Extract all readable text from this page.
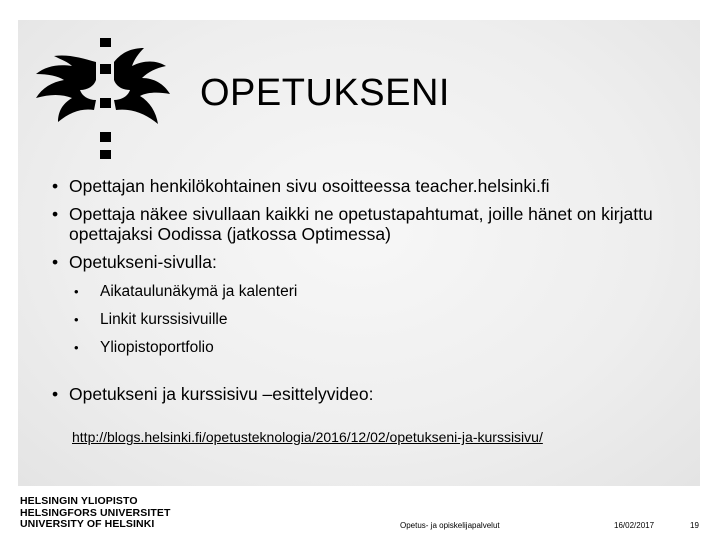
OPETUKSENI
• Opettajan henkilökohtainen sivu osoitteessa teacher.helsinki.fi
• Opettaja näkee sivullaan kaikki ne opetustapahtumat, joille hänet on kirjattu opettajaksi Oodissa (jatkossa Optimessa)
• Opetukseni-sivulla:
• Aikataulunäkymä ja kalenteri
• Linkit kurssisivuille
• Yliopistoportfolio
• Opetukseni ja kurssisivu –esittelyvideo:
http://blogs.helsinki.fi/opetusteknologia/2016/12/02/opetukseni-ja-kurssisivu/
HELSINGIN YLIOPISTO
HELSINGFORS UNIVERSITET
UNIVERSITY OF HELSINKI	Opetus- ja opiskelijapalvelut	16/02/2017	19
